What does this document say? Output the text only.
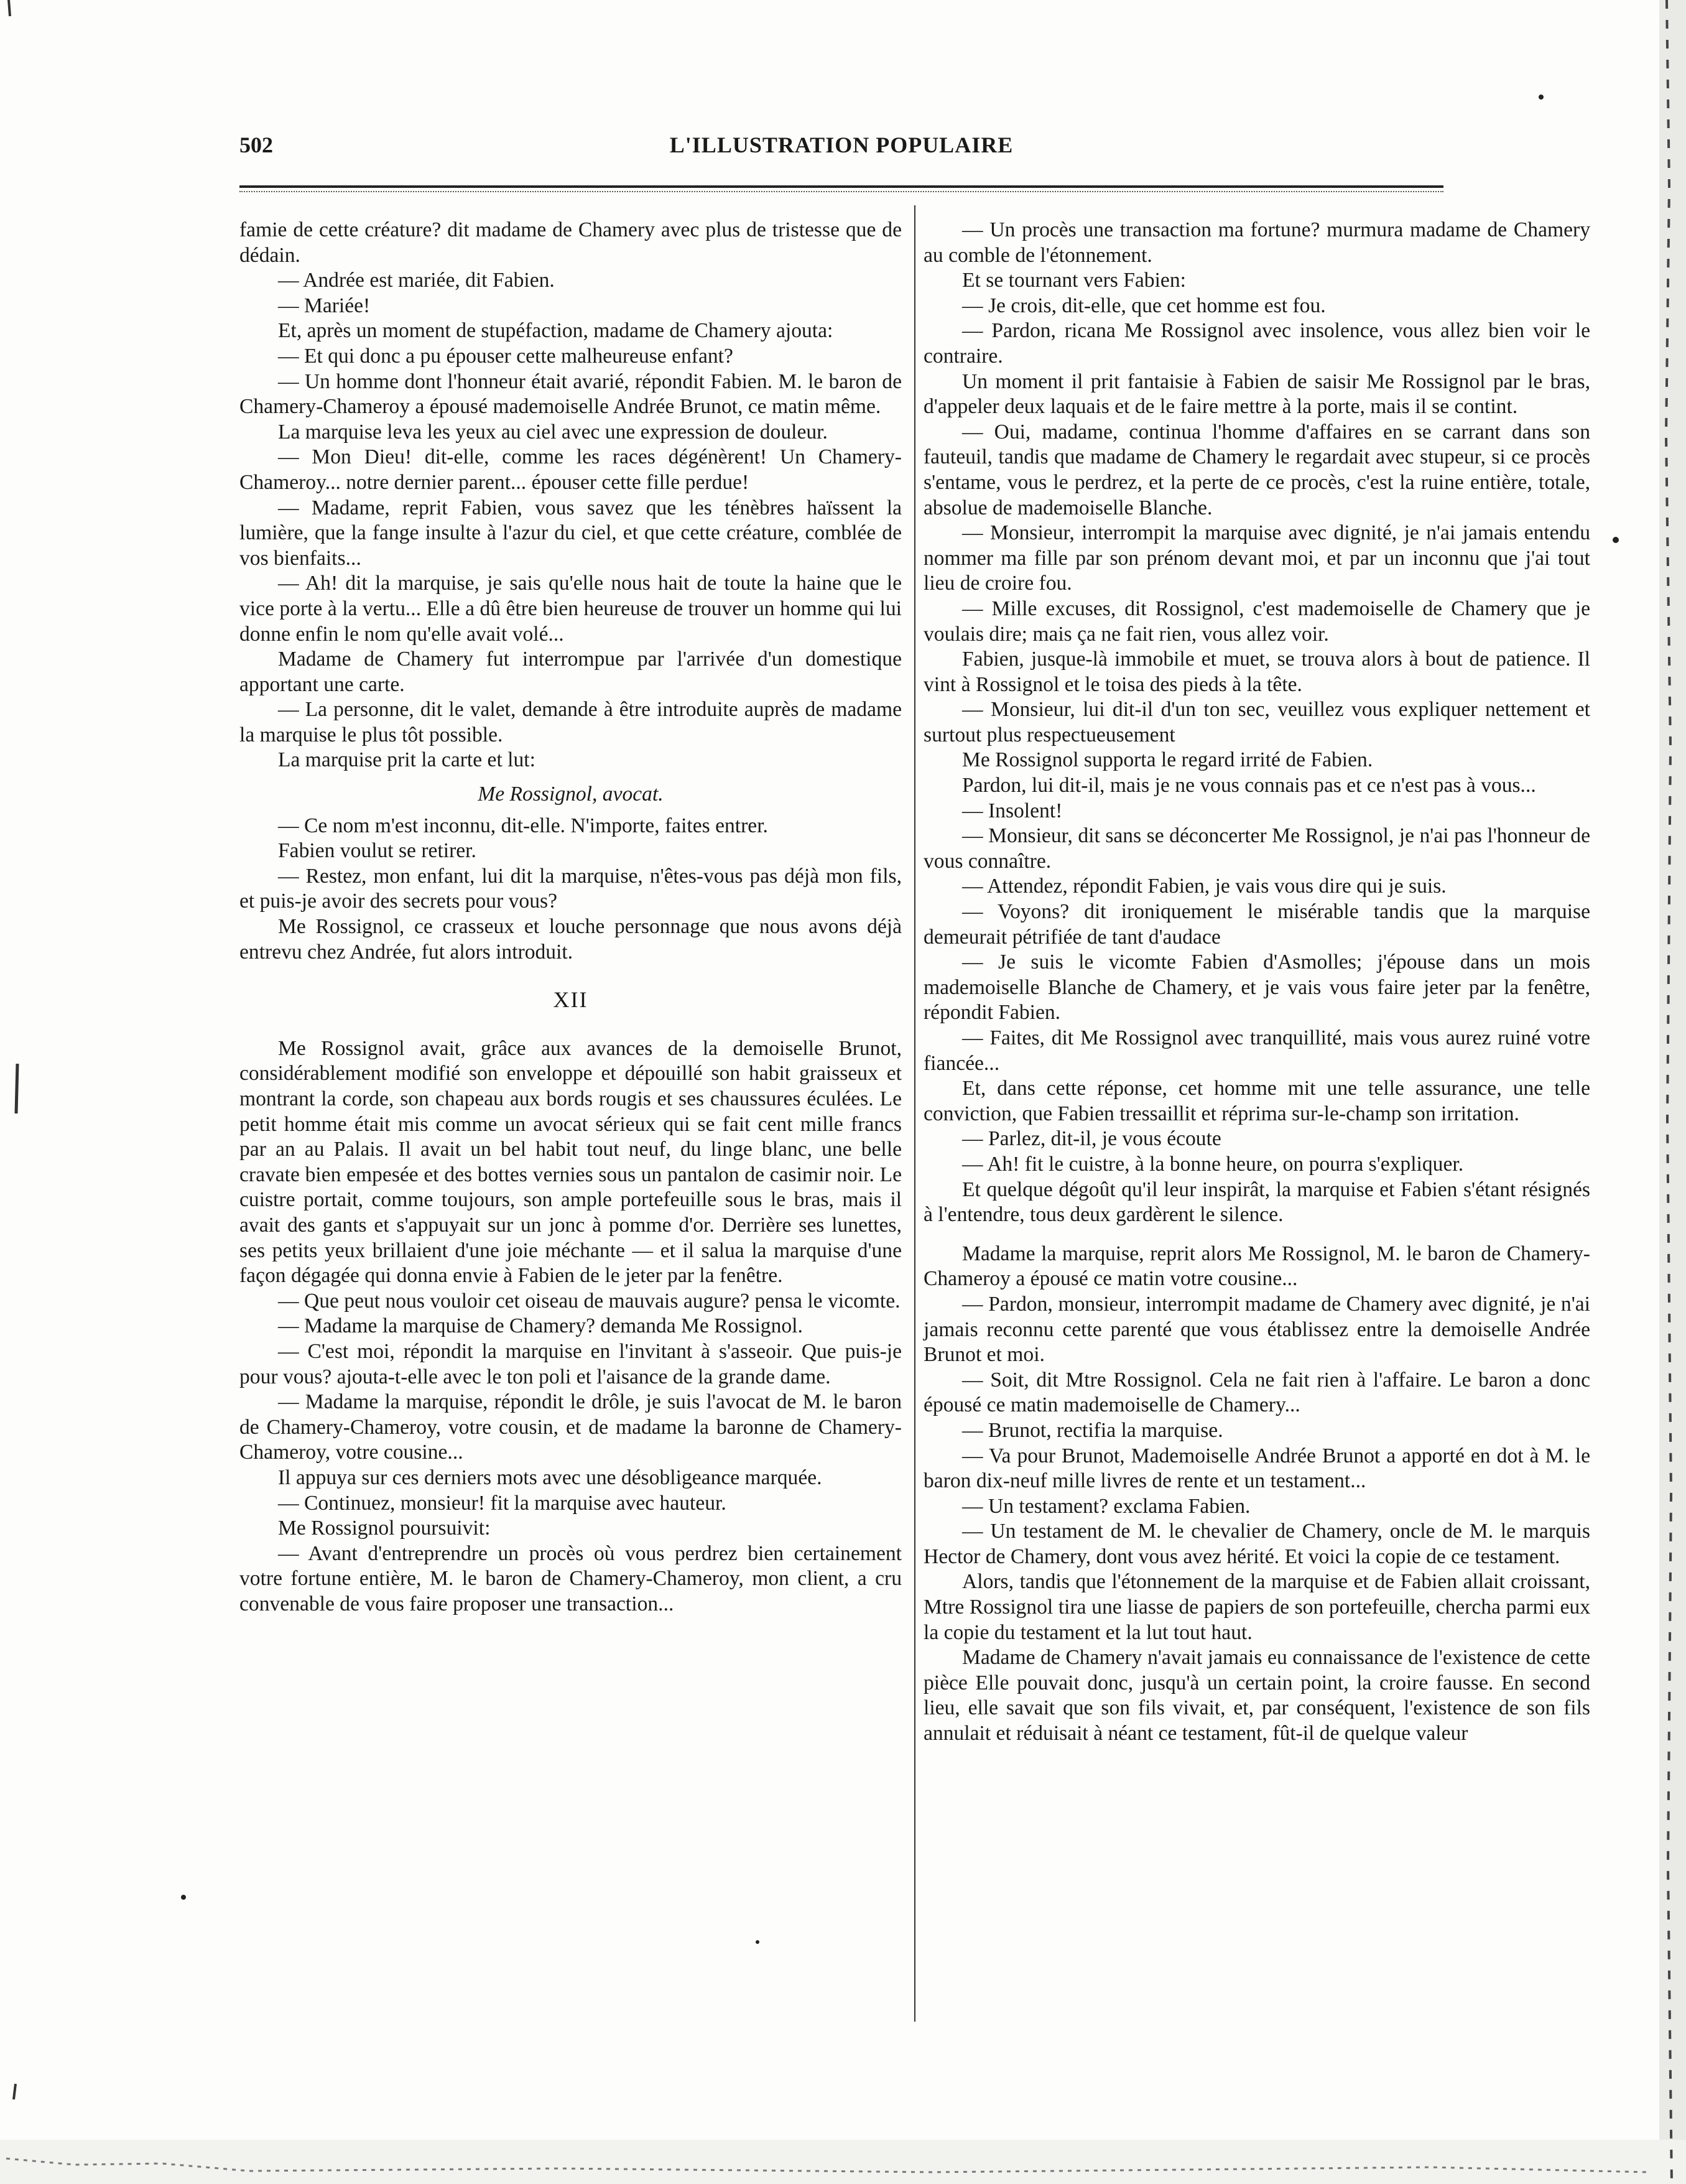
502	L'ILLUSTRATION POPULAIRE

famie de cette créature? dit madame de Chamery avec plus de tristesse que de dédain.

— Andrée est mariée, dit Fabien.

— Mariée!

Et, après un moment de stupéfaction, madame de Chamery ajouta:

— Et qui donc a pu épouser cette malheureuse enfant?

— Un homme dont l'honneur était avarié, répondit Fabien. M. le baron de Chamery-Chameroy a épousé mademoiselle Andrée Brunot, ce matin même.

La marquise leva les yeux au ciel avec une expression de douleur.

— Mon Dieu! dit-elle, comme les races dégénèrent! Un Chamery-Chameroy... notre dernier parent... épouser cette fille perdue!

— Madame, reprit Fabien, vous savez que les ténèbres haïssent la lumière, que la fange insulte à l'azur du ciel, et que cette créature, comblée de vos bienfaits...

— Ah! dit la marquise, je sais qu'elle nous hait de toute la haine que le vice porte à la vertu... Elle a dû être bien heureuse de trouver un homme qui lui donne enfin le nom qu'elle avait volé...

Madame de Chamery fut interrompue par l'arrivée d'un domestique apportant une carte.

— La personne, dit le valet, demande à être introduite auprès de madame la marquise le plus tôt possible.

La marquise prit la carte et lut:

Me Rossignol, avocat.

— Ce nom m'est inconnu, dit-elle. N'importe, faites entrer.

Fabien voulut se retirer.

— Restez, mon enfant, lui dit la marquise, n'êtes-vous pas déjà mon fils, et puis-je avoir des secrets pour vous?

Me Rossignol, ce crasseux et louche personnage que nous avons déjà entrevu chez Andrée, fut alors introduit.

XII

Me Rossignol avait, grâce aux avances de la demoiselle Brunot, considérablement modifié son enveloppe et dépouillé son habit graisseux et montrant la corde, son chapeau aux bords rougis et ses chaussures éculées. Le petit homme était mis comme un avocat sérieux qui se fait cent mille francs par an au Palais. Il avait un bel habit tout neuf, du linge blanc, une belle cravate bien empesée et des bottes vernies sous un pantalon de casimir noir. Le cuistre portait, comme toujours, son ample portefeuille sous le bras, mais il avait des gants et s'appuyait sur un jonc à pomme d'or. Derrière ses lunettes, ses petits yeux brillaient d'une joie méchante — et il salua la marquise d'une façon dégagée qui donna envie à Fabien de le jeter par la fenêtre.

— Que peut nous vouloir cet oiseau de mauvais augure? pensa le vicomte.

— Madame la marquise de Chamery? demanda Me Rossignol.

— C'est moi, répondit la marquise en l'invitant à s'asseoir. Que puis-je pour vous? ajouta-t-elle avec le ton poli et l'aisance de la grande dame.

— Madame la marquise, répondit le drôle, je suis l'avocat de M. le baron de Chamery-Chameroy, votre cousin, et de madame la baronne de Chamery-Chameroy, votre cousine...

Il appuya sur ces derniers mots avec une désobligeance marquée.

— Continuez, monsieur! fit la marquise avec hauteur.

Me Rossignol poursuivit:

— Avant d'entreprendre un procès où vous perdrez bien certainement votre fortune entière, M. le baron de Chamery-Chameroy, mon client, a cru convenable de vous faire proposer une transaction...

— Un procès une transaction ma fortune? murmura madame de Chamery au comble de l'étonnement.

Et se tournant vers Fabien:

— Je crois, dit-elle, que cet homme est fou.

— Pardon, ricana Me Rossignol avec insolence, vous allez bien voir le contraire.

Un moment il prit fantaisie à Fabien de saisir Me Rossignol par le bras, d'appeler deux laquais et de le faire mettre à la porte, mais il se contint.

— Oui, madame, continua l'homme d'affaires en se carrant dans son fauteuil, tandis que madame de Chamery le regardait avec stupeur, si ce procès s'entame, vous le perdrez, et la perte de ce procès, c'est la ruine entière, totale, absolue de mademoiselle Blanche.

— Monsieur, interrompit la marquise avec dignité, je n'ai jamais entendu nommer ma fille par son prénom devant moi, et par un inconnu que j'ai tout lieu de croire fou.

— Mille excuses, dit Rossignol, c'est mademoiselle de Chamery que je voulais dire; mais ça ne fait rien, vous allez voir.

Fabien, jusque-là immobile et muet, se trouva alors à bout de patience. Il vint à Rossignol et le toisa des pieds à la tête.

— Monsieur, lui dit-il d'un ton sec, veuillez vous expliquer nettement et surtout plus respectueusement

Me Rossignol supporta le regard irrité de Fabien.

Pardon, lui dit-il, mais je ne vous connais pas et ce n'est pas à vous...

— Insolent!

— Monsieur, dit sans se déconcerter Me Rossignol, je n'ai pas l'honneur de vous connaître.

— Attendez, répondit Fabien, je vais vous dire qui je suis.

— Voyons? dit ironiquement le misérable tandis que la marquise demeurait pétrifiée de tant d'audace

— Je suis le vicomte Fabien d'Asmolles; j'épouse dans un mois mademoiselle Blanche de Chamery, et je vais vous faire jeter par la fenêtre, répondit Fabien.

— Faites, dit Me Rossignol avec tranquillité, mais vous aurez ruiné votre fiancée...

Et, dans cette réponse, cet homme mit une telle assurance, une telle conviction, que Fabien tressaillit et réprima sur-le-champ son irritation.

— Parlez, dit-il, je vous écoute

— Ah! fit le cuistre, à la bonne heure, on pourra s'expliquer.

Et quelque dégoût qu'il leur inspirât, la marquise et Fabien s'étant résignés à l'entendre, tous deux gardèrent le silence.

Madame la marquise, reprit alors Me Rossignol, M. le baron de Chamery-Chameroy a épousé ce matin votre cousine...

— Pardon, monsieur, interrompit madame de Chamery avec dignité, je n'ai jamais reconnu cette parenté que vous établissez entre la demoiselle Andrée Brunot et moi.

— Soit, dit Mtre Rossignol. Cela ne fait rien à l'affaire. Le baron a donc épousé ce matin mademoiselle de Chamery...

— Brunot, rectifia la marquise.

— Va pour Brunot, Mademoiselle Andrée Brunot a apporté en dot à M. le baron dix-neuf mille livres de rente et un testament...

— Un testament? exclama Fabien.

— Un testament de M. le chevalier de Chamery, oncle de M. le marquis Hector de Chamery, dont vous avez hérité. Et voici la copie de ce testament.

Alors, tandis que l'étonnement de la marquise et de Fabien allait croissant, Mtre Rossignol tira une liasse de papiers de son portefeuille, chercha parmi eux la copie du testament et la lut tout haut.

Madame de Chamery n'avait jamais eu connaissance de l'existence de cette pièce Elle pouvait donc, jusqu'à un certain point, la croire fausse. En second lieu, elle savait que son fils vivait, et, par conséquent, l'existence de son fils annulait et réduisait à néant ce testament, fût-il de quelque valeur
